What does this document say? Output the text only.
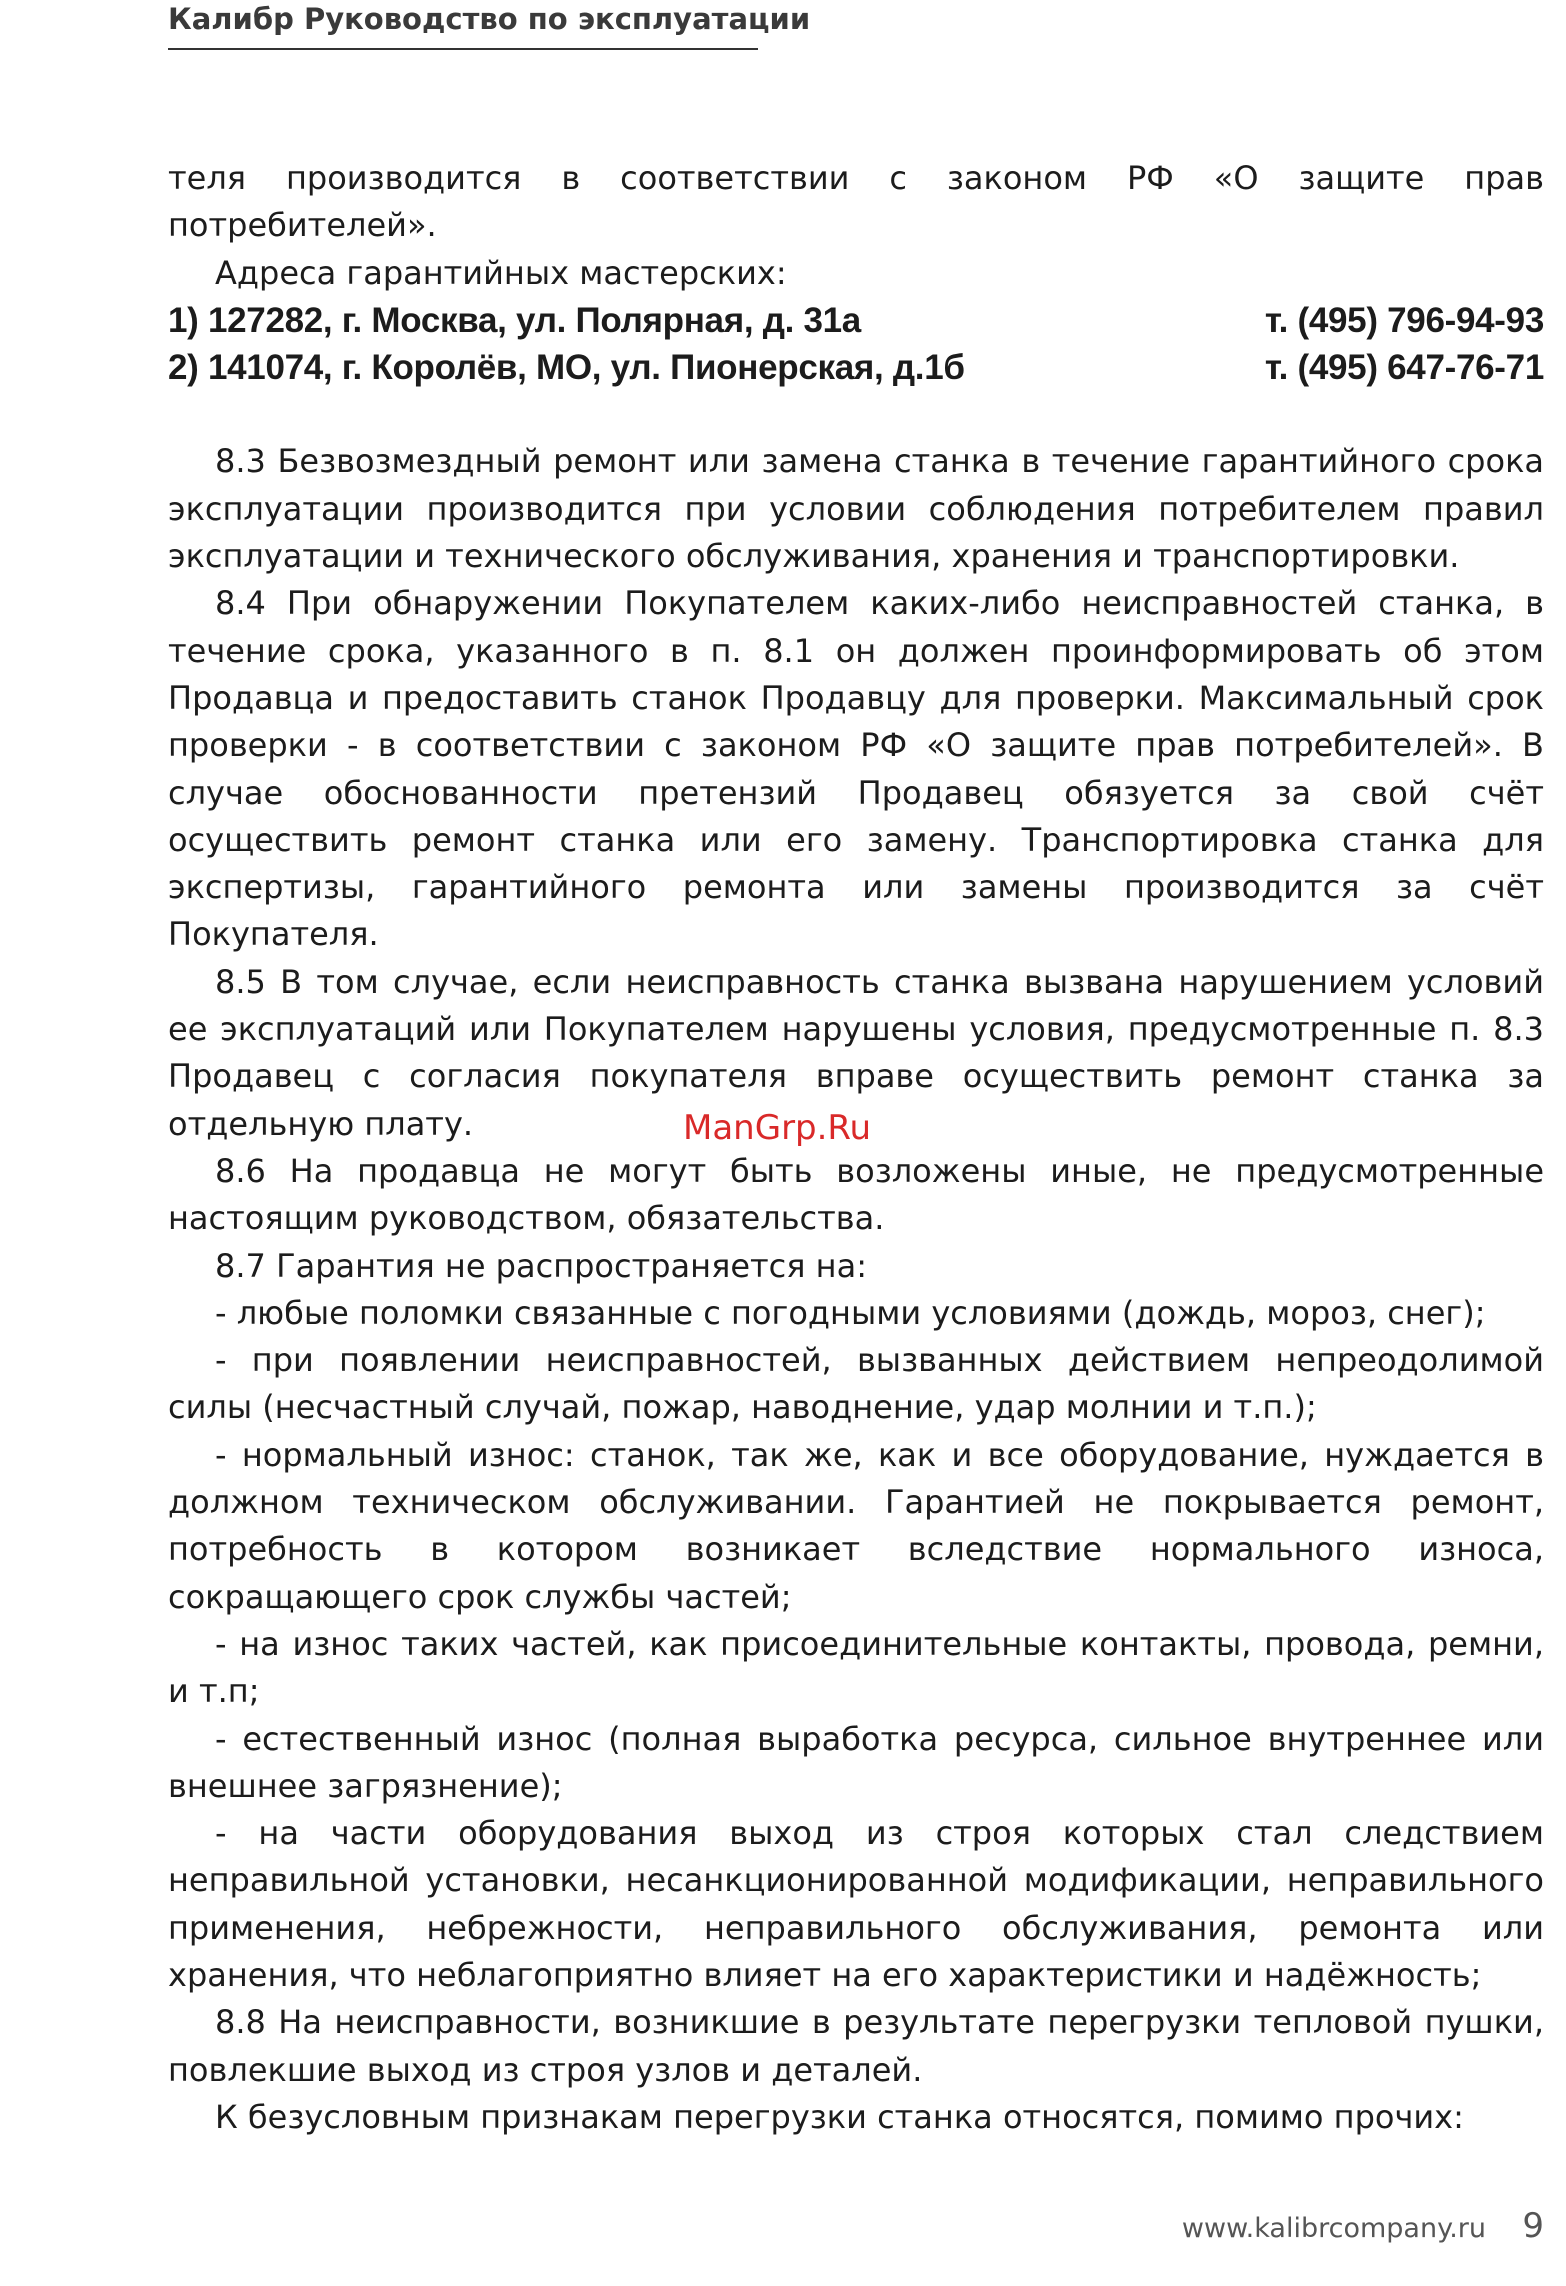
Калибр Руководство по эксплуатации

теля производится в соответствии с законом РФ «О защите прав потребителей».

Адреса гарантийных мастерских:

1) 127282, г. Москва, ул. Полярная, д. 31а	т. (495) 796-94-93
2) 141074, г. Королёв, МО, ул. Пионерская, д.1б	т. (495) 647-76-71

8.3 Безвозмездный ремонт или замена станка в течение гарантийного срока эксплуатации производится при условии соблюдения потребителем правил эксплуатации и технического обслуживания, хранения и транспортировки.

8.4 При обнаружении Покупателем каких-либо неисправностей станка, в течение срока, указанного в п. 8.1 он должен проинформировать об этом Продавца и предоставить станок Продавцу для проверки. Максимальный срок проверки - в соответствии с законом РФ «О защите прав потребителей». В случае обоснованности претензий Продавец обязуется за свой счёт осуществить ремонт станка или его замену. Транспортировка станка для экспертизы, гарантийного ремонта или замены производится за счёт Покупателя.

8.5 В том случае, если неисправность станка вызвана нарушением условий ее эксплуатаций или Покупателем нарушены условия, предусмотренные п. 8.3 Продавец с согласия покупателя вправе осуществить ремонт станка за отдельную плату.

8.6 На продавца не могут быть возложены иные, не предусмотренные настоящим руководством, обязательства.

8.7 Гарантия не распространяется на:

- любые поломки связанные с погодными условиями (дождь, мороз, снег);

- при появлении неисправностей, вызванных действием непреодолимой силы (несчастный случай, пожар, наводнение, удар молнии и т.п.);

- нормальный износ: станок, так же, как и все оборудование, нуждается в должном техническом обслуживании. Гарантией не покрывается ремонт, потребность в котором возникает вследствие нормального износа, сокращающего срок службы частей;

- на износ таких частей, как присоединительные контакты, провода, ремни, и т.п;

- естественный износ (полная выработка ресурса, сильное внутреннее или внешнее загрязнение);

- на части оборудования выход из строя которых стал следствием неправильной установки, несанкционированной модификации, неправильного применения, небрежности, неправильного обслуживания, ремонта или хранения, что неблагоприятно влияет на его характеристики и надёжность;

8.8 На неисправности, возникшие в результате перегрузки тепловой пушки, повлекшие выход из строя узлов и деталей.

К безусловным признакам перегрузки станка относятся, помимо прочих:

ManGrp.Ru
www.kalibrcompany.ru 9
